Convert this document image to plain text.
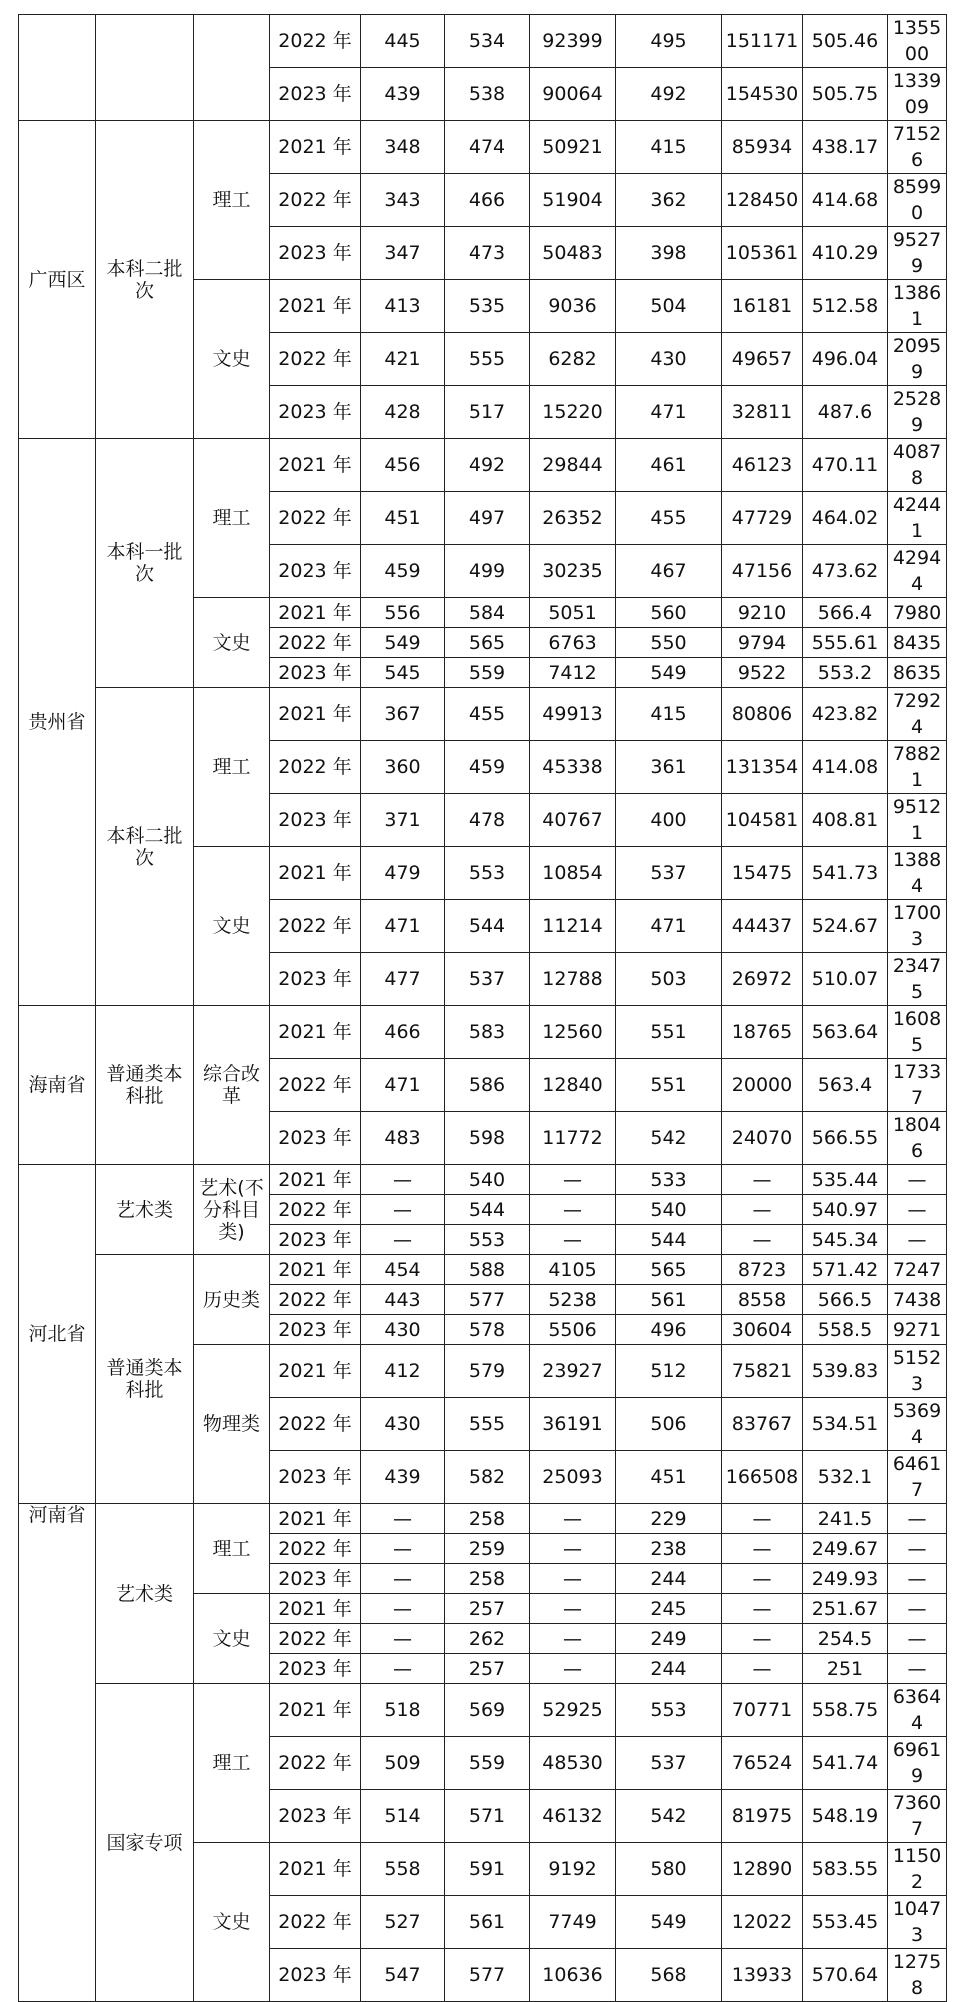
			2022 年	445	534	92399	495	151171	505.46	135500
			2023 年	439	538	90064	492	154530	505.75	133909
广西区	本科二批次	理工	2021 年	348	474	50921	415	85934	438.17	71526
			2022 年	343	466	51904	362	128450	414.68	85990
			2023 年	347	473	50483	398	105361	410.29	95279
		文史	2021 年	413	535	9036	504	16181	512.58	13861
			2022 年	421	555	6282	430	49657	496.04	20959
			2023 年	428	517	15220	471	32811	487.6	25289
贵州省	本科一批次	理工	2021 年	456	492	29844	461	46123	470.11	40878
			2022 年	451	497	26352	455	47729	464.02	42441
			2023 年	459	499	30235	467	47156	473.62	42944
		文史	2021 年	556	584	5051	560	9210	566.4	7980
			2022 年	549	565	6763	550	9794	555.61	8435
			2023 年	545	559	7412	549	9522	553.2	8635
	本科二批次	理工	2021 年	367	455	49913	415	80806	423.82	72924
			2022 年	360	459	45338	361	131354	414.08	78821
			2023 年	371	478	40767	400	104581	408.81	95121
		文史	2021 年	479	553	10854	537	15475	541.73	13884
			2022 年	471	544	11214	471	44437	524.67	17003
			2023 年	477	537	12788	503	26972	510.07	23475
海南省	普通类本科批	综合改革	2021 年	466	583	12560	551	18765	563.64	16085
			2022 年	471	586	12840	551	20000	563.4	17337
			2023 年	483	598	11772	542	24070	566.55	18046
河北省	艺术类	艺术(不分科目类)	2021 年	—	540	—	533	—	535.44	—
			2022 年	—	544	—	540	—	540.97	—
			2023 年	—	553	—	544	—	545.34	—
	普通类本科批	历史类	2021 年	454	588	4105	565	8723	571.42	7247
			2022 年	443	577	5238	561	8558	566.5	7438
			2023 年	430	578	5506	496	30604	558.5	9271
		物理类	2021 年	412	579	23927	512	75821	539.83	51523
			2022 年	430	555	36191	506	83767	534.51	53694
			2023 年	439	582	25093	451	166508	532.1	64617
河南省	艺术类	理工	2021 年	—	258	—	229	—	241.5	—
			2022 年	—	259	—	238	—	249.67	—
			2023 年	—	258	—	244	—	249.93	—
		文史	2021 年	—	257	—	245	—	251.67	—
			2022 年	—	262	—	249	—	254.5	—
			2023 年	—	257	—	244	—	251	—
	国家专项	理工	2021 年	518	569	52925	553	70771	558.75	63644
			2022 年	509	559	48530	537	76524	541.74	69619
			2023 年	514	571	46132	542	81975	548.19	73607
		文史	2021 年	558	591	9192	580	12890	583.55	11502
			2022 年	527	561	7749	549	12022	553.45	10473
			2023 年	547	577	10636	568	13933	570.64	12758
